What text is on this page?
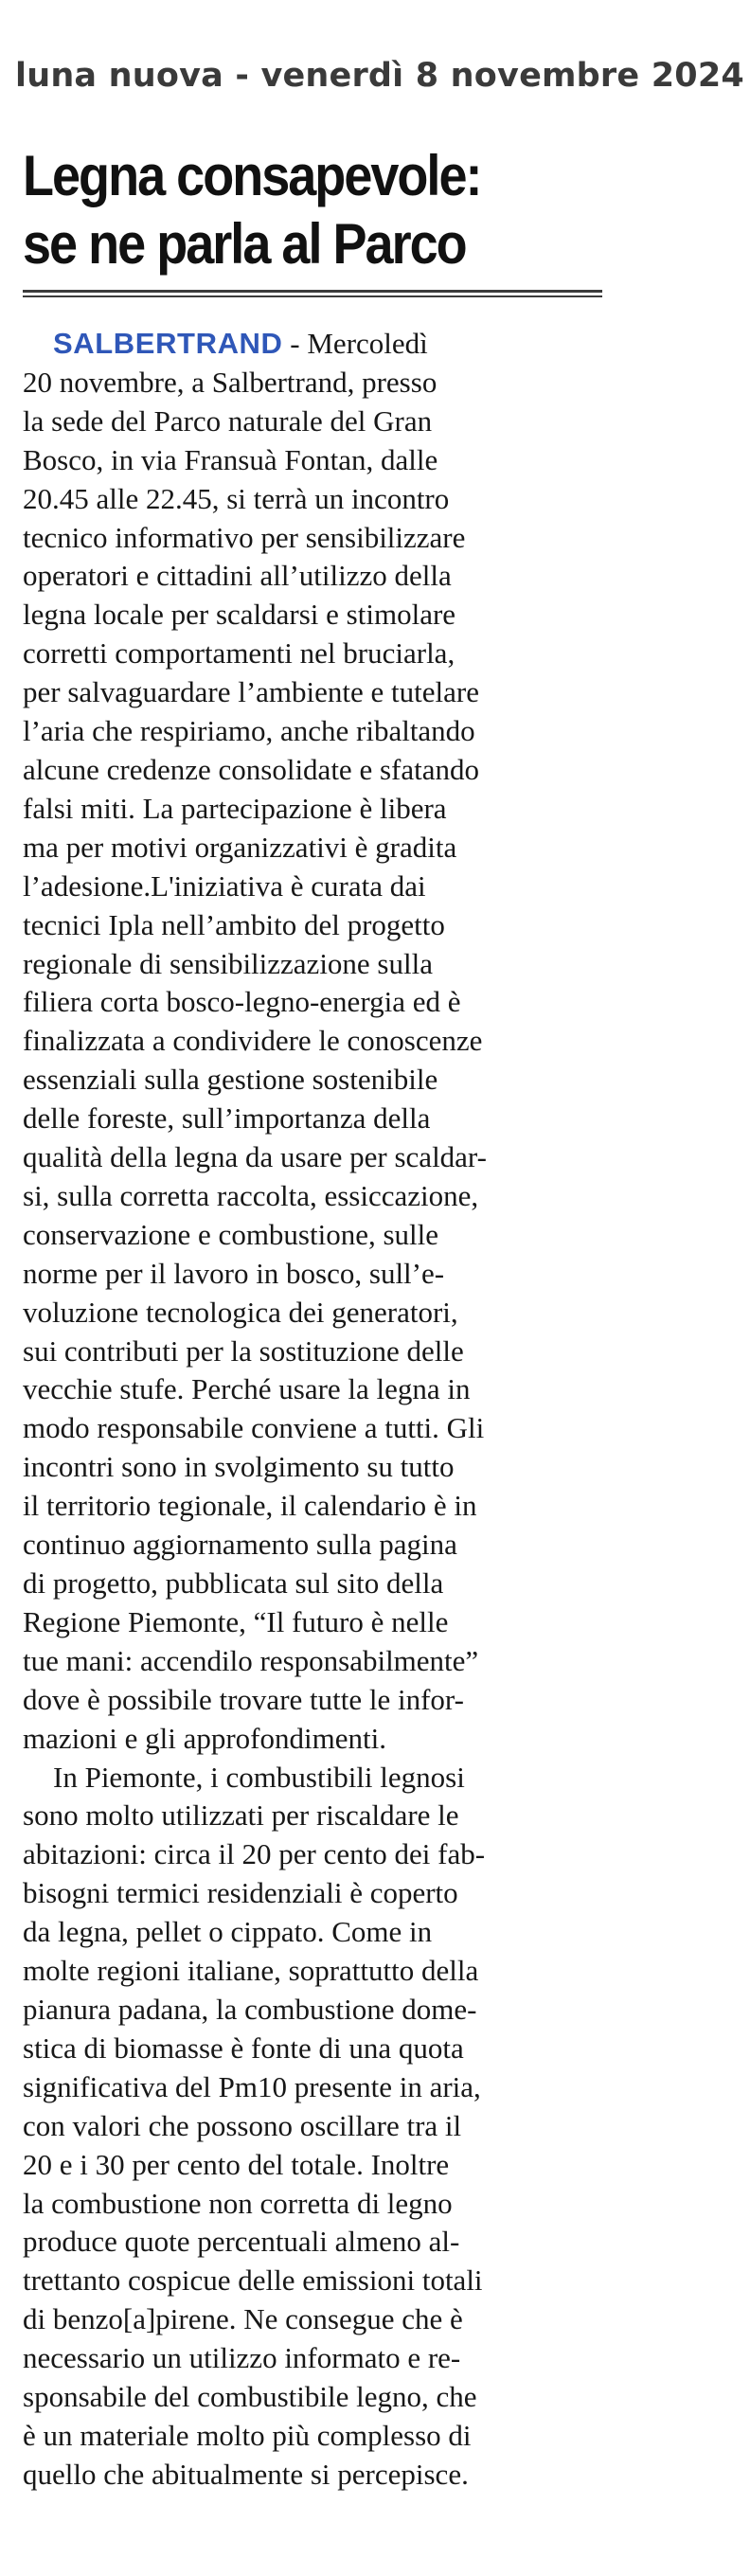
luna nuova - venerdì 8 novembre 2024
Legna consapevole:
se ne parla al Parco
SALBERTRAND - Mercoledì
20 novembre, a Salbertrand, presso
la sede del Parco naturale del Gran
Bosco, in via Fransuà Fontan, dalle
20.45 alle 22.45, si terrà un incontro
tecnico informativo per sensibilizzare
operatori e cittadini all’utilizzo della
legna locale per scaldarsi e stimolare
corretti comportamenti nel bruciarla,
per salvaguardare l’ambiente e tutelare
l’aria che respiriamo, anche ribaltando
alcune credenze consolidate e sfatando
falsi miti. La partecipazione è libera
ma per motivi organizzativi è gradita
l’adesione.L'iniziativa è curata dai
tecnici Ipla nell’ambito del progetto
regionale di sensibilizzazione sulla
filiera corta bosco-legno-energia ed è
finalizzata a condividere le conoscenze
essenziali sulla gestione sostenibile
delle foreste, sull’importanza della
qualità della legna da usare per scaldar-
si, sulla corretta raccolta, essiccazione,
conservazione e combustione, sulle
norme per il lavoro in bosco, sull’e-
voluzione tecnologica dei generatori,
sui contributi per la sostituzione delle
vecchie stufe. Perché usare la legna in
modo responsabile conviene a tutti. Gli
incontri sono in svolgimento su tutto
il territorio tegionale, il calendario è in
continuo aggiornamento sulla pagina
di progetto, pubblicata sul sito della
Regione Piemonte, “Il futuro è nelle
tue mani: accendilo responsabilmente”
dove è possibile trovare tutte le infor-
mazioni e gli approfondimenti.
In Piemonte, i combustibili legnosi
sono molto utilizzati per riscaldare le
abitazioni: circa il 20 per cento dei fab-
bisogni termici residenziali è coperto
da legna, pellet o cippato. Come in
molte regioni italiane, soprattutto della
pianura padana, la combustione dome-
stica di biomasse è fonte di una quota
significativa del Pm10 presente in aria,
con valori che possono oscillare tra il
20 e i 30 per cento del totale. Inoltre
la combustione non corretta di legno
produce quote percentuali almeno al-
trettanto cospicue delle emissioni totali
di benzo[a]pirene. Ne consegue che è
necessario un utilizzo informato e re-
sponsabile del combustibile legno, che
è un materiale molto più complesso di
quello che abitualmente si percepisce.
